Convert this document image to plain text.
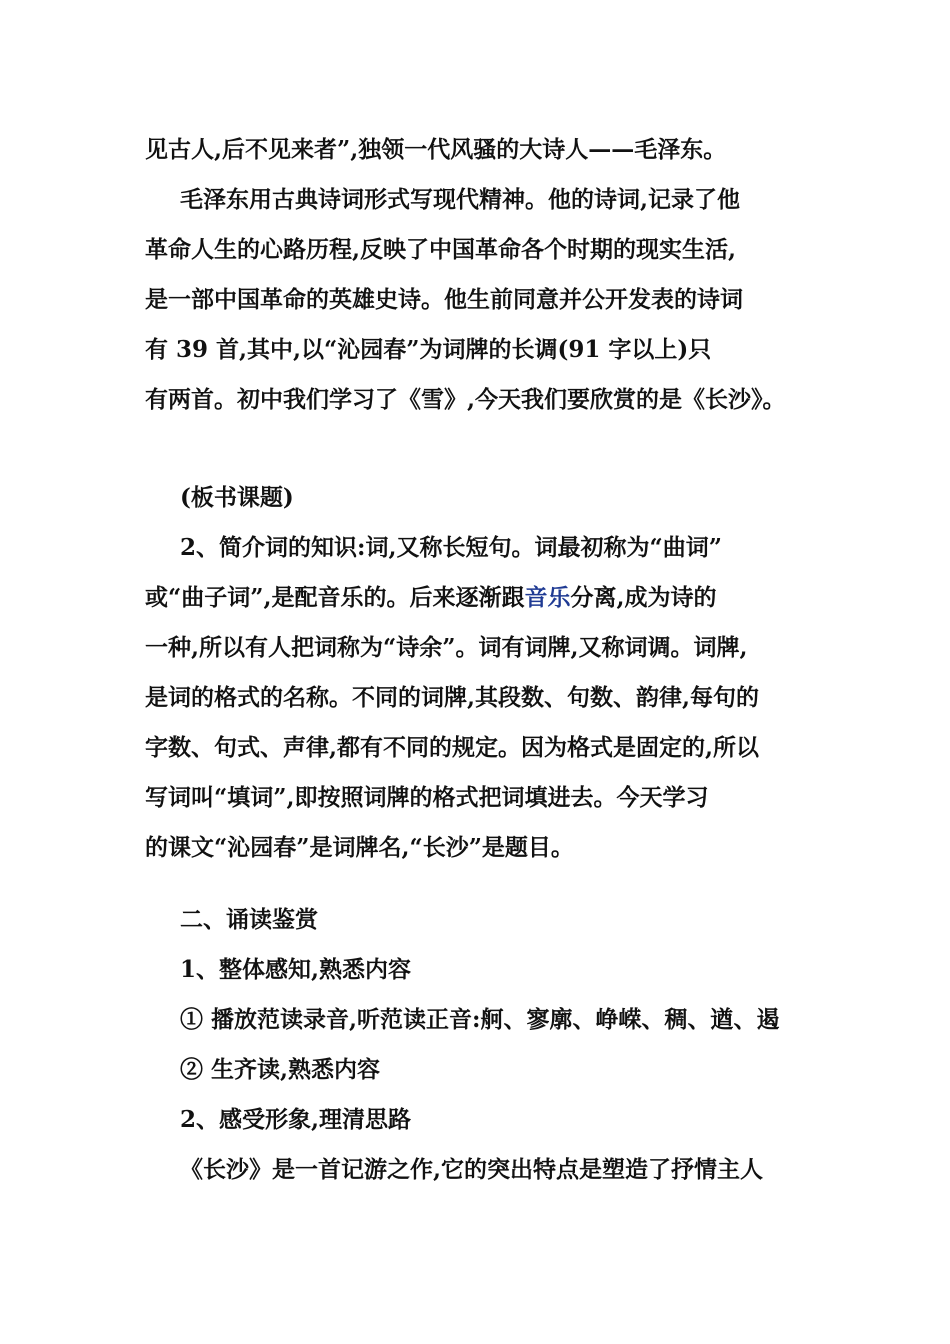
见古人,后不见来者”,独领一代风骚的大诗人——毛泽东。
毛泽东用古典诗词形式写现代精神。他的诗词,记录了他
革命人生的心路历程,反映了中国革命各个时期的现实生活,
是一部中国革命的英雄史诗。他生前同意并公开发表的诗词
有 39 首,其中,以“沁园春”为词牌的长调(91 字以上)只
有两首。初中我们学习了《雪》,今天我们要欣赏的是《长沙》。
(板书课题)
2、简介词的知识:词,又称长短句。词最初称为“曲词”
或“曲子词”,是配音乐的。后来逐渐跟音乐分离,成为诗的
一种,所以有人把词称为“诗余”。词有词牌,又称词调。词牌,
是词的格式的名称。不同的词牌,其段数、句数、韵律,每句的
字数、句式、声律,都有不同的规定。因为格式是固定的,所以
写词叫“填词”,即按照词牌的格式把词填进去。今天学习
的课文“沁园春”是词牌名,“长沙”是题目。
二、诵读鉴赏
1、整体感知,熟悉内容
① 播放范读录音,听范读正音:舸、寥廓、峥嵘、稠、遒、遏
② 生齐读,熟悉内容
2、感受形象,理清思路
《长沙》是一首记游之作,它的突出特点是塑造了抒情主人
